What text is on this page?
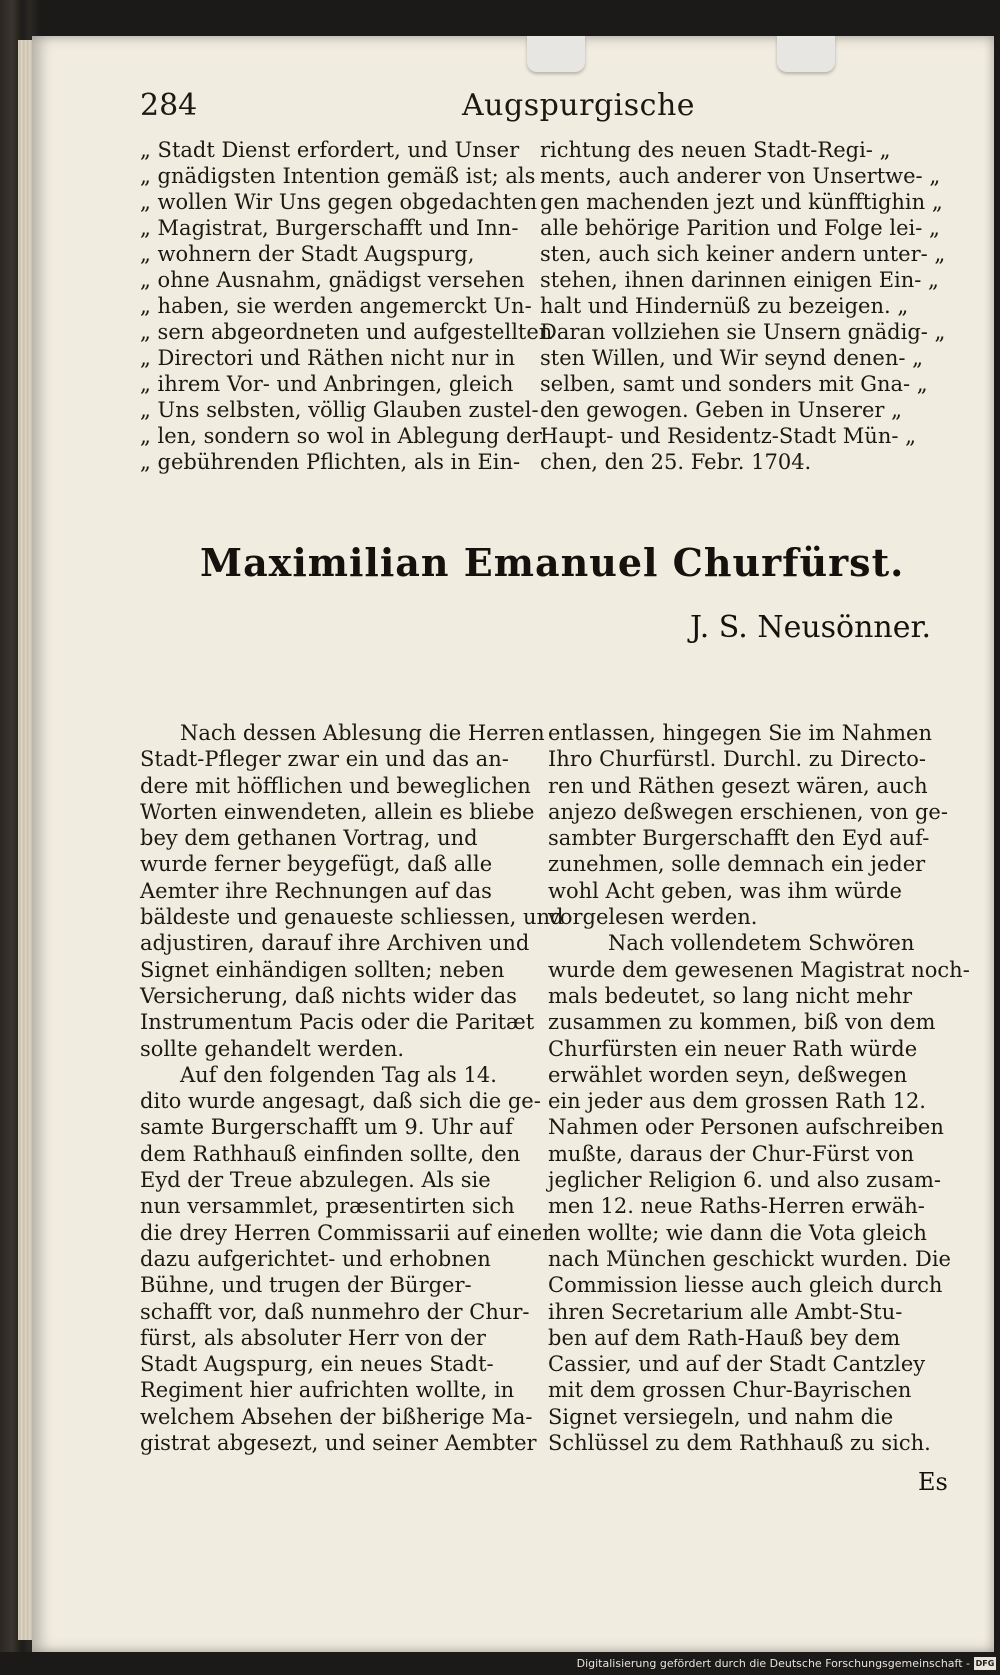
284	Augspurgische
„ Stadt Dienst erfordert, und Unser
„ gnädigsten Intention gemäß ist; als
„ wollen Wir Uns gegen obgedachten
„ Magistrat, Burgerschafft und Inn-
„ wohnern der Stadt Augspurg,
„ ohne Ausnahm, gnädigst versehen
„ haben, sie werden angemerckt Un-
„ sern abgeordneten und aufgestellten
„ Directori und Räthen nicht nur in
„ ihrem Vor- und Anbringen, gleich
„ Uns selbsten, völlig Glauben zustel-
„ len, sondern so wol in Ablegung der
„ gebührenden Pflichten, als in Ein-
richtung des neuen Stadt-Regi- „
ments, auch anderer von Unsertwe- „
gen machenden jezt und künfftighin „
alle behörige Parition und Folge lei- „
sten, auch sich keiner andern unter- „
stehen, ihnen darinnen einigen Ein- „
halt und Hindernüß zu bezeigen. „
Daran vollziehen sie Unsern gnädig- „
sten Willen, und Wir seynd denen- „
selben, samt und sonders mit Gna- „
den gewogen. Geben in Unserer „
Haupt- und Residentz-Stadt Mün- „
chen, den 25. Febr. 1704.
Maximilian Emanuel Churfürst.
J. S. Neusönner.
Nach dessen Ablesung die Herren
Stadt-Pfleger zwar ein und das an-
dere mit höfflichen und beweglichen
Worten einwendeten, allein es bliebe
bey dem gethanen Vortrag, und
wurde ferner beygefügt, daß alle
Aemter ihre Rechnungen auf das
bäldeste und genaueste schliessen, und
adjustiren, darauf ihre Archiven und
Signet einhändigen sollten; neben
Versicherung, daß nichts wider das
Instrumentum Pacis oder die Paritæt
sollte gehandelt werden.
Auf den folgenden Tag als 14.
dito wurde angesagt, daß sich die ge-
samte Burgerschafft um 9. Uhr auf
dem Rathhauß einfinden sollte, den
Eyd der Treue abzulegen. Als sie
nun versammlet, præsentirten sich
die drey Herren Commissarii auf einer
dazu aufgerichtet- und erhobnen
Bühne, und trugen der Bürger-
schafft vor, daß nunmehro der Chur-
fürst, als absoluter Herr von der
Stadt Augspurg, ein neues Stadt-
Regiment hier aufrichten wollte, in
welchem Absehen der bißherige Ma-
gistrat abgesezt, und seiner Aembter
entlassen, hingegen Sie im Nahmen
Ihro Churfürstl. Durchl. zu Directo-
ren und Räthen gesezt wären, auch
anjezo deßwegen erschienen, von ge-
sambter Burgerschafft den Eyd auf-
zunehmen, solle demnach ein jeder
wohl Acht geben, was ihm würde
vorgelesen werden.
Nach vollendetem Schwören
wurde dem gewesenen Magistrat noch-
mals bedeutet, so lang nicht mehr
zusammen zu kommen, biß von dem
Churfürsten ein neuer Rath würde
erwählet worden seyn, deßwegen
ein jeder aus dem grossen Rath 12.
Nahmen oder Personen aufschreiben
mußte, daraus der Chur-Fürst von
jeglicher Religion 6. und also zusam-
men 12. neue Raths-Herren erwäh-
len wollte; wie dann die Vota gleich
nach München geschickt wurden. Die
Commission liesse auch gleich durch
ihren Secretarium alle Ambt-Stu-
ben auf dem Rath-Hauß bey dem
Cassier, und auf der Stadt Cantzley
mit dem grossen Chur-Bayrischen
Signet versiegeln, und nahm die
Schlüssel zu dem Rathhauß zu sich.
Es
Digitalisierung gefördert durch die Deutsche Forschungsgemeinschaft - DFG
